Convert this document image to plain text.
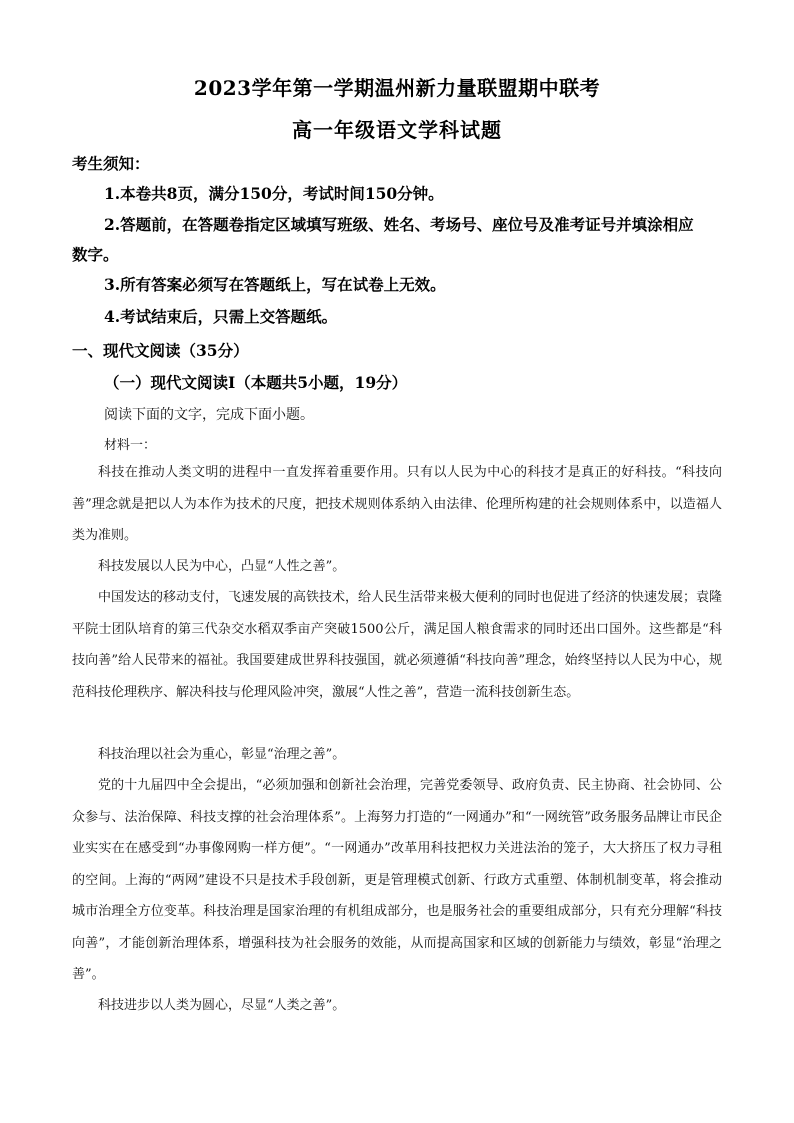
2023学年第一学期温州新力量联盟期中联考
高一年级语文学科试题
考生须知：
1.本卷共8页，满分150分，考试时间150分钟。
2.答题前，在答题卷指定区域填写班级、姓名、考场号、座位号及准考证号并填涂相应
数字。
3.所有答案必须写在答题纸上，写在试卷上无效。
4.考试结束后，只需上交答题纸。
一、现代文阅读（35分）
（一）现代文阅读Ⅰ（本题共5小题，19分）
阅读下面的文字，完成下面小题。
材料一：

科技在推动人类文明的进程中一直发挥着重要作用。只有以人民为中心的科技才是真正的好科技。“科技向善”理念就是把以人为本作为技术的尺度，把技术规则体系纳入由法律、伦理所构建的社会规则体系中，以造福人类为准则。

科技发展以人民为中心，凸显“人性之善”。

中国发达的移动支付，飞速发展的高铁技术，给人民生活带来极大便利的同时也促进了经济的快速发展；袁隆平院士团队培育的第三代杂交水稻双季亩产突破1500公斤，满足国人粮食需求的同时还出口国外。这些都是“科技向善”给人民带来的福祉。我国要建成世界科技强国，就必须遵循“科技向善”理念，始终坚持以人民为中心，规范科技伦理秩序、解决科技与伦理风险冲突，激展“人性之善”，营造一流科技创新生态。

科技治理以社会为重心，彰显“治理之善”。

党的十九届四中全会提出，“必须加强和创新社会治理，完善党委领导、政府负责、民主协商、社会协同、公众参与、法治保障、科技支撑的社会治理体系”。上海努力打造的“一网通办”和“一网统管”政务服务品牌让市民企业实实在在感受到“办事像网购一样方便”。“一网通办”改革用科技把权力关进法治的笼子，大大挤压了权力寻租的空间。上海的“两网”建设不只是技术手段创新，更是管理模式创新、行政方式重塑、体制机制变革，将会推动城市治理全方位变革。科技治理是国家治理的有机组成部分，也是服务社会的重要组成部分，只有充分理解“科技向善”，才能创新治理体系，增强科技为社会服务的效能，从而提高国家和区域的创新能力与绩效，彰显“治理之善”。

科技进步以人类为圆心，尽显“人类之善”。
